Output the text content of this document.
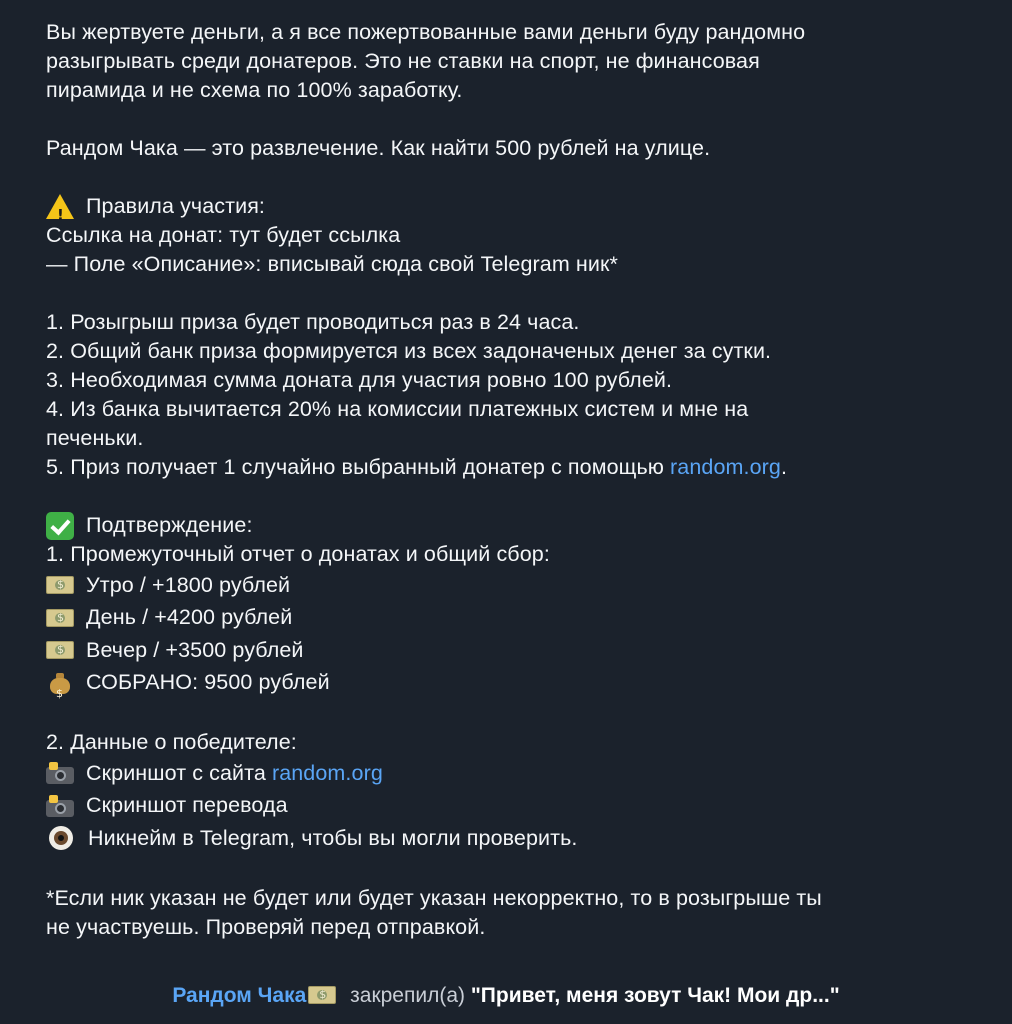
Вы жертвуете деньги, а я все пожертвованные вами деньги буду рандомно
разыгрывать среди донатеров. Это не ставки на спорт, не финансовая
пирамида и не схема по 100% заработку.
Рандом Чака — это развлечение. Как найти 500 рублей на улице.
! Правила участия:
Ссылка на донат: тут будет ссылка
— Поле «Описание»: вписывай сюда свой Telegram ник*
1. Розыгрыш приза будет проводиться раз в 24 часа.
2. Общий банк приза формируется из всех задоначеных денег за сутки.
3. Необходимая сумма доната для участия ровно 100 рублей.
4. Из банка вычитается 20% на комиссии платежных систем и мне на
печеньки.
5. Приз получает 1 случайно выбранный донатер с помощью random.org.
Подтверждение:
1. Промежуточный отчет о донатах и общий сбор:
$
Утро / +1800 рублей
$
День / +4200 рублей
$
Вечер / +3500 рублей
$ СОБРАНО: 9500 рублей
2. Данные о победителе:
Скриншот с сайта random.org
Скриншот перевода
Никнейм в Telegram, чтобы вы могли проверить.
*Если ник указан не будет или будет указан некорректно, то в розыгрыше ты
не участвуешь. Проверяй перед отправкой.
Рандом Чака$ закрепил(а) "Привет, меня зовут Чак! Мои др..."
